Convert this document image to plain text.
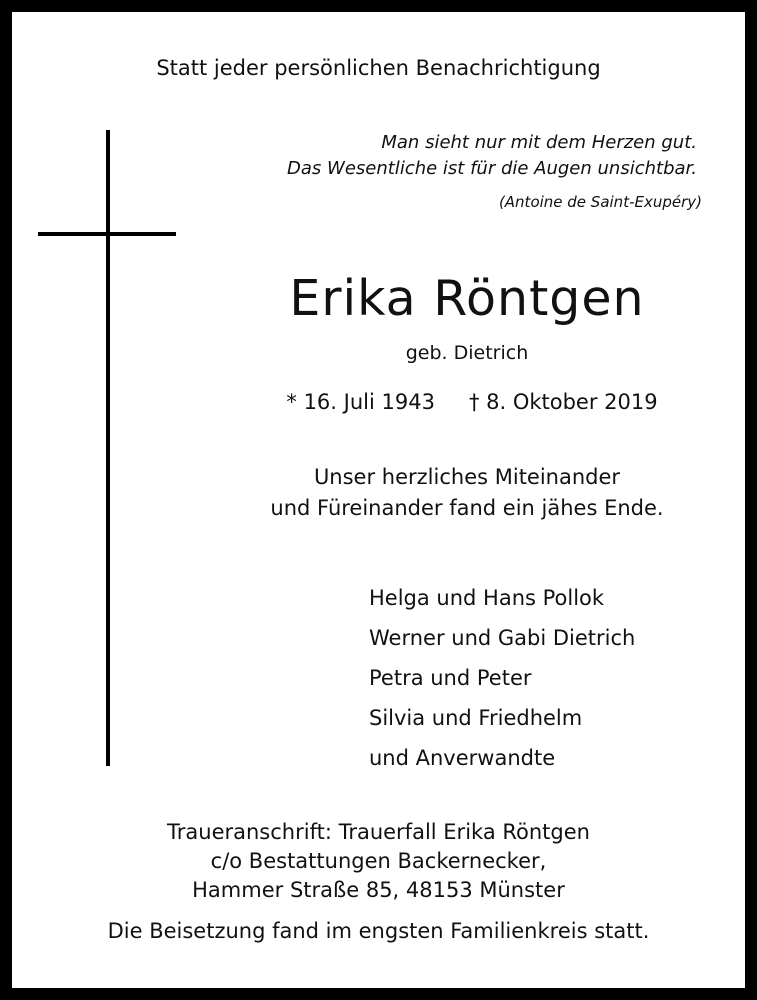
Statt jeder persönlichen Benachrichtigung
Man sieht nur mit dem Herzen gut.
Das Wesentliche ist für die Augen unsichtbar.
(Antoine de Saint-Exupéry)
Erika Röntgen
geb. Dietrich
* 16. Juli 1943 † 8. Oktober 2019
Unser herzliches Miteinander
und Füreinander fand ein jähes Ende.
Helga und Hans Pollok
Werner und Gabi Dietrich
Petra und Peter
Silvia und Friedhelm
und Anverwandte
Traueranschrift: Trauerfall Erika Röntgen
c/o Bestattungen Backernecker,
Hammer Straße 85, 48153 Münster
Die Beisetzung fand im engsten Familienkreis statt.
